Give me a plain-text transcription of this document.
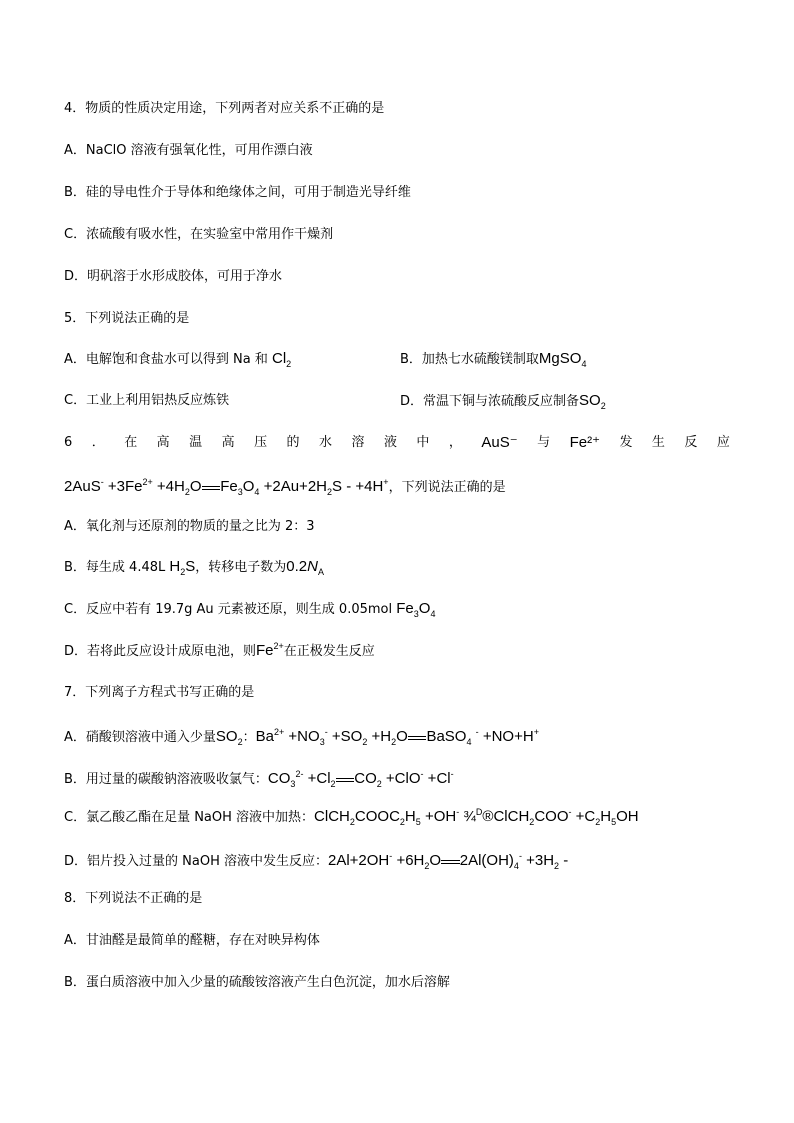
4．物质的性质决定用途，下列两者对应关系不正确的是
A．NaClO 溶液有强氧化性，可用作漂白液
B．硅的导电性介于导体和绝缘体之间，可用于制造光导纤维
C．浓硫酸有吸水性，在实验室中常用作干燥剂
D．明矾溶于水形成胶体，可用于净水
5．下列说法正确的是
A．电解饱和食盐水可以得到 Na 和 $Cl_2$	B．加热七水硫酸镁制取MgSO$_4$
C．工业上利用铝热反应炼铁	D．常温下铜与浓硫酸反应制备$SO_2$
6 ． 在 高 温 高 压 的 水 溶 液 中 ， AuS⁻ 与 Fe²⁺ 发 生 反 应
$2AuS^- +3Fe^{2+} +4H_2O$ $Fe_3O_4 +2Au+2H_2S - +4H^+$，下列说法正确的是
A．氧化剂与还原剂的物质的量之比为 2：3
B．每生成 4.48L $H_2S$，转移电子数为$0.2N_A$
C．反应中若有 19.7g Au 元素被还原，则生成 0.05mol $Fe_3O_4$
D．若将此反应设计成原电池，则$Fe^{2+}$在正极发生反应
7．下列离子方程式书写正确的是
A．硝酸钡溶液中通入少量$SO_2$：$Ba^{2+} +NO_3^- +SO_2 +H_2O$ BaSO$_4$ - +NO+H+
B．用过量的碳酸钠溶液吸收氯气：$CO_3^{2-} +Cl_2$ $CO_2 +ClO^- +Cl^-$
C．氯乙酸乙酯在足量 NaOH 溶液中加热：$ClCH_2COOC_2H_5 +OH^-$ ¾$^D$®ClCH$_2$COO- $+C_2H_5OH$
D．铝片投入过量的 NaOH 溶液中发生反应：$2Al+2OH^- +6H_2O$ $2Al(OH)_4^- +3H_2$ -
8．下列说法不正确的是
A．甘油醛是最简单的醛糖，存在对映异构体
B．蛋白质溶液中加入少量的硫酸铵溶液产生白色沉淀，加水后溶解
